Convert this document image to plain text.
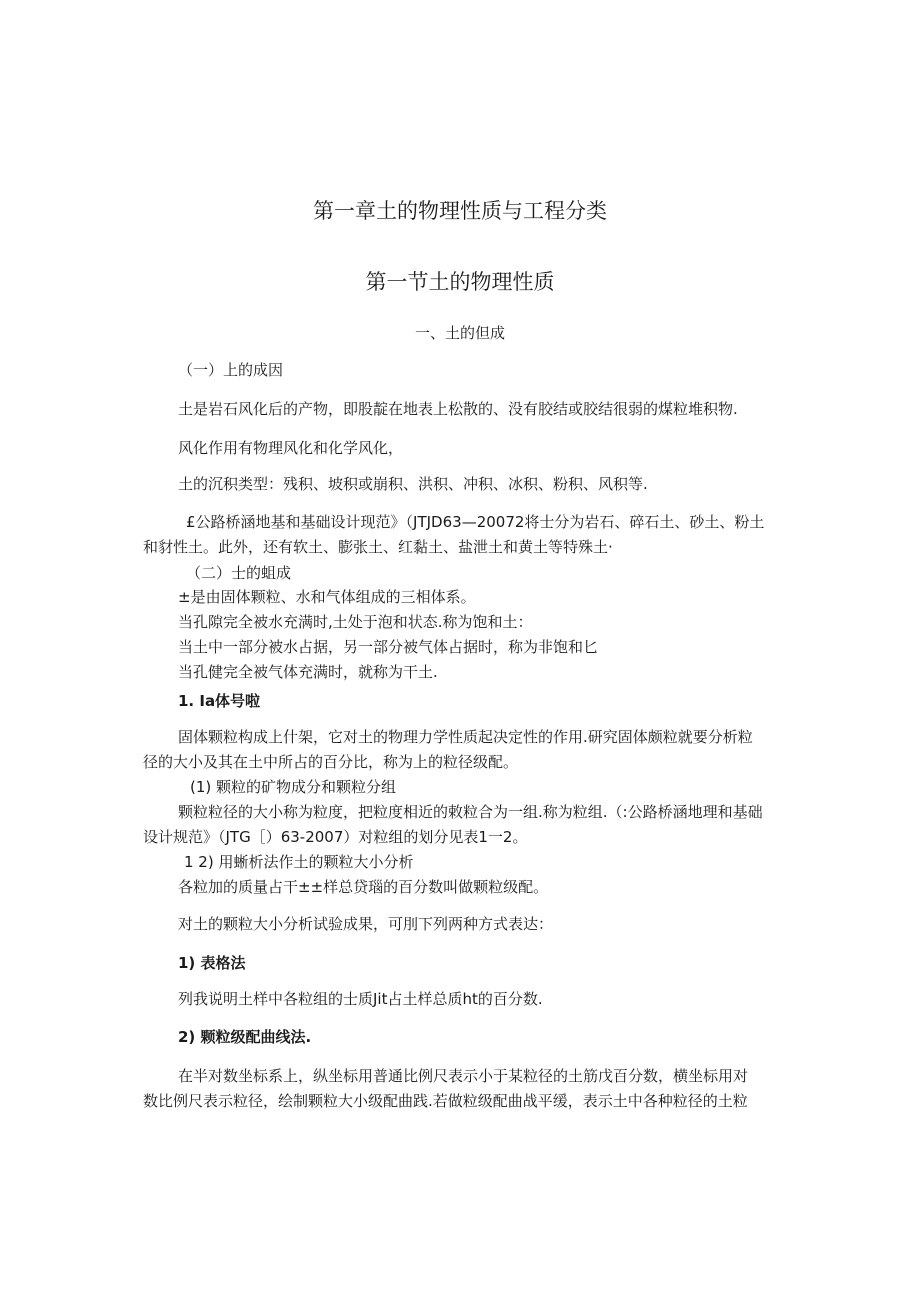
第一章土的物理性质与工程分类
第一节土的物理性质
一、土的但成
（一）上的成因
土是岩石风化后的产物，即股靛在地表上松散的、没有胶结或胶结很弱的煤粒堆积物.
风化作用有物理风化和化学风化，
土的沉积类型：残积、坡积或崩积、洪积、冲积、冰积、粉积、风积等.
£公路桥涵地基和基础设计现范》（JTJD63—20072将士分为岩石、碎石土、砂土、粉土
和豺性土。此外，还有软土、膨张土、红黏土、盐泄土和黄土等特殊土·
（二）士的蛆成
±是由固体颗粒、水和气体组成的三相体系。
当孔隙完全被水充满时,土处于泡和状态.称为饱和土：
当土中一部分被水占据，另一部分被气体占据时，称为非饱和匕
当孔健完全被气体充满时，就称为干土.
1. Ia体号啦
固体颗粒构成上什架，它对土的物理力学性质起决定性的作用.研究固体颇粒就要分析粒
径的大小及其在土中所占的百分比，称为上的粒径级配。
(1) 颗粒的矿物成分和颗粒分组
颗粒粒径的大小称为粒度，把粒度相近的敕粒合为一组.称为粒组.（:公路桥涵地理和基础
设计规范》（JTG［）63-2007）对粒组的划分见表1一2。
1 2) 用蜥析法作土的颗粒大小分析
各粒加的质量占干±±样总贷瑙的百分数叫做颗粒级配。
对土的颗粒大小分析试验成果，可刖下列两种方式表达：
1) 表格法
列我说明土样中各粒组的士质Jit占土样总质ht的百分数.
2) 颗粒级配曲线法.
在半对数坐标系上，纵坐标用普通比例尺表示小于某粒径的土筋戊百分数，横坐标用对
数比例尺表示粒径，绘制颗粒大小级配曲践.若做粒级配曲战平缓，表示土中各种粒径的土粒
